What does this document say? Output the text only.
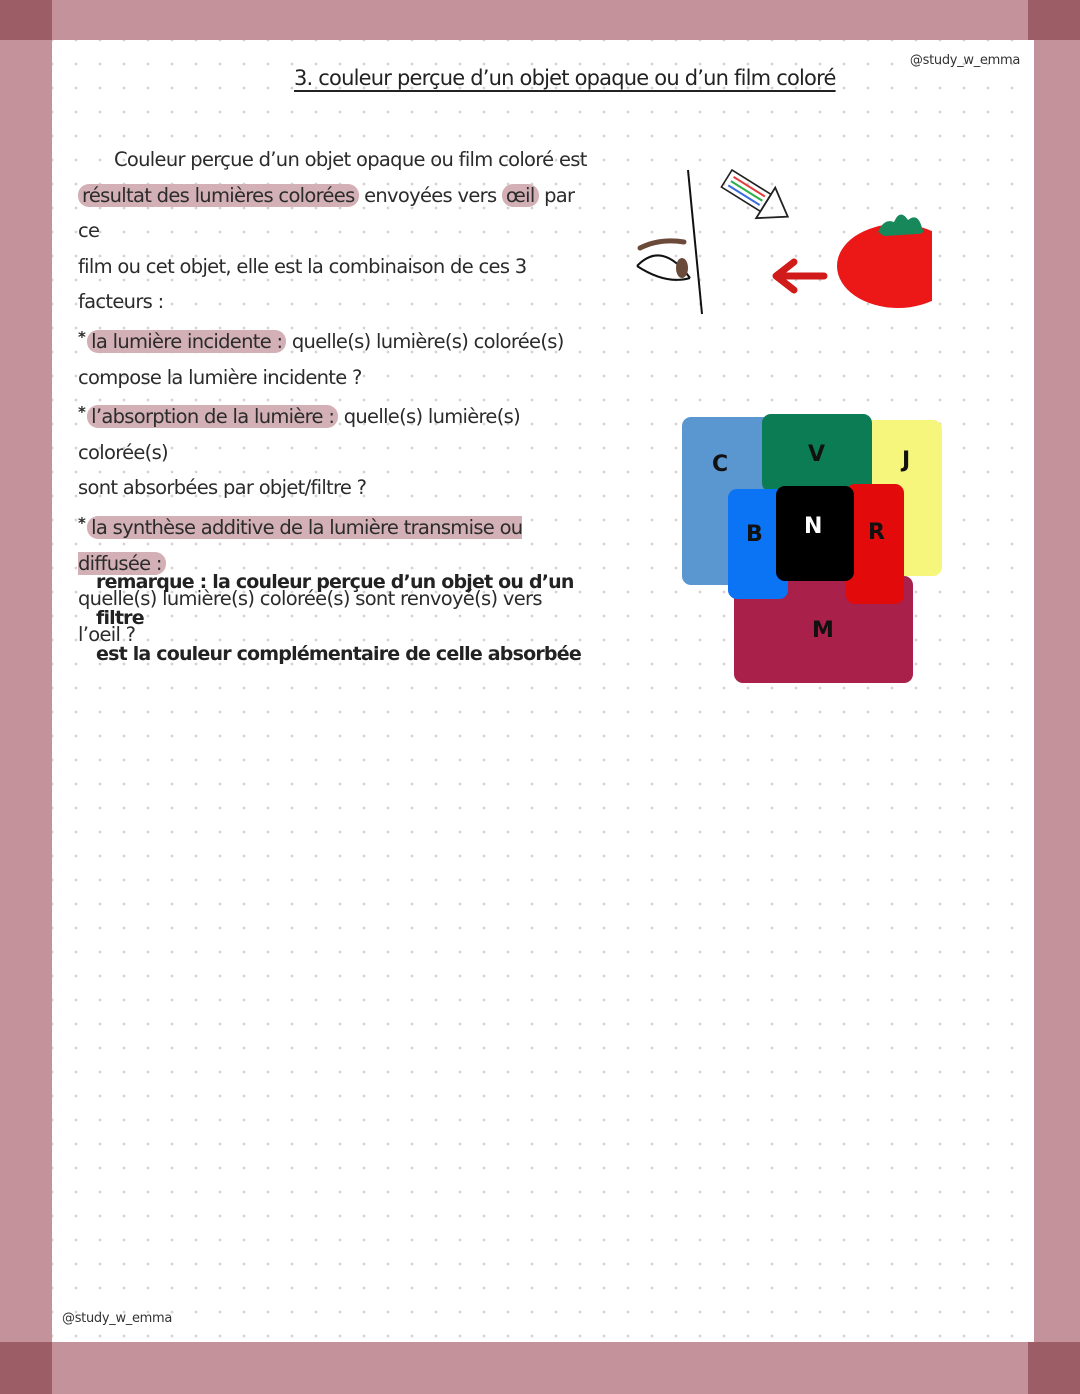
@study_w_emma
3. couleur perçue d’un objet opaque ou d’un film coloré

Couleur perçue d’un objet opaque ou film coloré est

résultat des lumières colorées envoyées vers œil par ce

film ou cet objet, elle est la combinaison de ces 3

facteurs :

* la lumière incidente : quelle(s) lumière(s) colorée(s)

compose la lumière incidente ?

* l’absorption de la lumière : quelle(s) lumière(s) colorée(s)

sont absorbées par objet/filtre ?

* la synthèse additive de la lumière transmise ou diffusée :

quelle(s) lumière(s) colorée(s) sont renvoyé(s) vers l’oeil ?

remarque : la couleur perçue d’un objet ou d’un filtre

est la couleur complémentaire de celle absorbée

C	V	J
B N R
M
@study_w_emma
